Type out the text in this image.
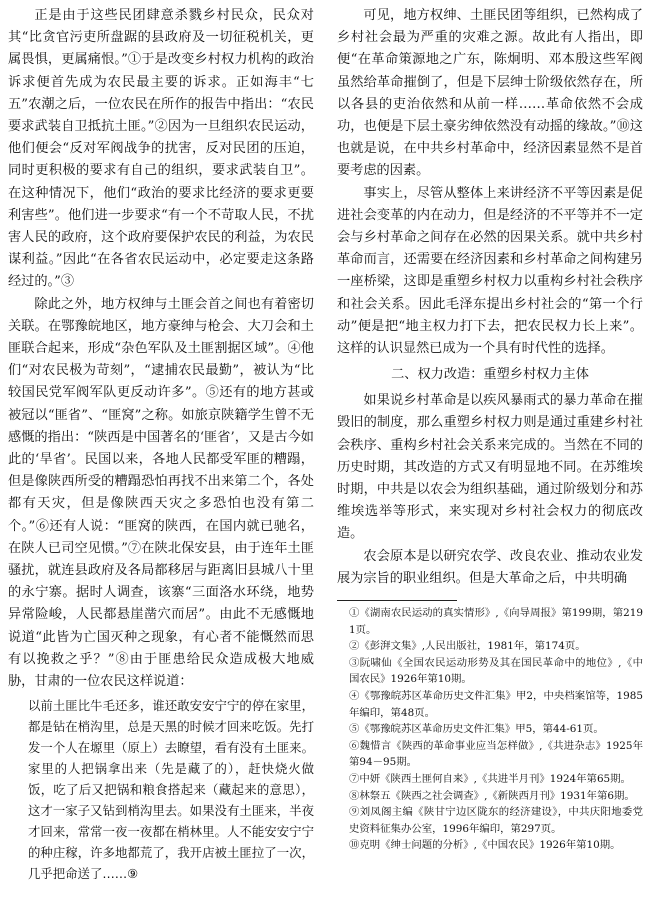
正是由于这些民团肆意杀戮乡村民众，民众对其“比贪官污吏所盘踞的县政府及一切征税机关，更属畏惧，更属痛恨。”①于是改变乡村权力机构的政治诉求便首先成为农民最主要的诉求。正如海丰“七五”农潮之后，一位农民在所作的报告中指出：“农民要求武装自卫抵抗土匪。”②因为一旦组织农民运动，他们便会“反对军阀战争的扰害，反对民团的压迫，同时更积极的要求有自己的组织，要求武装自卫”。在这种情况下，他们“政治的要求比经济的要求更要利害些”。他们进一步要求“有一个不苛取人民，不扰害人民的政府，这个政府要保护农民的利益，为农民谋利益。”因此“在各省农民运动中，必定要走这条路经过的。”③

除此之外，地方权绅与土匪会首之间也有着密切关联。在鄂豫皖地区，地方豪绅与枪会、大刀会和土匪联合起来，形成“杂色军队及土匪割据区域”。④他们“对农民极为苛刻”，“逮捕农民最勤”，被认为“比较国民党军阀军队更反动许多”。⑤还有的地方甚或被冠以“匪省”、“匪窝”之称。如旅京陕籍学生曾不无感慨的指出：“陕西是中国著名的‘匪省’，又是古今如此的‘旱省’。民国以来，各地人民都受军匪的糟蹋，但是像陕西所受的糟蹋恐怕再找不出来第二个，各处都有天灾，但是像陕西天灾之多恐怕也没有第二个。”⑥还有人说：“匪窝的陕西，在国内就已驰名，在陕人已司空见惯。”⑦在陕北保安县，由于连年土匪骚扰，就连县政府及各局都移居与距离旧县城八十里的永宁寨。据时人调查，该寨“三面洛水环绕，地势异常险峻，人民都悬崖凿穴而居”。由此不无感慨地说道“此皆为亡国灭种之现象，有心者不能慨然而思有以挽救之乎？”⑧由于匪患给民众造成极大地威胁，甘肃的一位农民这样说道：

以前土匪比牛毛还多，谁还敢安安宁宁的停在家里，都是钻在梢沟里，总是天黑的时候才回来吃饭。先打发一个人在塬里（原上）去瞭望，看有没有土匪来。家里的人把锅拿出来（先是藏了的），赶快烧火做饭，吃了后又把锅和粮食搭起来（藏起来的意思），这才一家子又钻到梢沟里去。如果没有土匪来，半夜才回来，常常一夜一夜都在梢林里。人不能安安宁宁的种庄稼，许多地都荒了，我开店被土匪拉了一次，几乎把命送了……⑨

可见，地方权绅、土匪民团等组织，已然构成了乡村社会最为严重的灾难之源。故此有人指出，即便“在革命策源地之广东，陈炯明、邓本殷这些军阀虽然给革命摧倒了，但是下层绅士阶级依然存在，所以各县的吏治依然和从前一样……革命依然不会成功，也便是下层土豪劣绅依然没有动摇的缘故。”⑩这也就是说，在中共乡村革命中，经济因素显然不是首要考虑的因素。

事实上，尽管从整体上来讲经济不平等因素是促进社会变革的内在动力，但是经济的不平等并不一定会与乡村革命之间存在必然的因果关系。就中共乡村革命而言，还需要在经济因素和乡村革命之间构建另一座桥梁，这即是重塑乡村权力以重构乡村社会秩序和社会关系。因此毛泽东提出乡村社会的“第一个行动”便是把“地主权力打下去，把农民权力长上来”。这样的认识显然已成为一个具有时代性的选择。

二、权力改造：重塑乡村权力主体

如果说乡村革命是以疾风暴雨式的暴力革命在摧毁旧的制度，那么重塑乡村权力则是通过重建乡村社会秩序、重构乡村社会关系来完成的。当然在不同的历史时期，其改造的方式又有明显地不同。在苏维埃时期，中共是以农会为组织基础，通过阶级划分和苏维埃选举等形式，来实现对乡村社会权力的彻底改造。

农会原本是以研究农学、改良农业、推动农业发展为宗旨的职业组织。但是大革命之后，中共明确

①《湖南农民运动的真实情形》,《向导周报》第199期，第2191页。
②《彭湃文集》,人民出版社，1981年，第174页。
③阮啸仙《全国农民运动形势及其在国民革命中的地位》,《中国农民》1926年第10期。
④《鄂豫皖苏区革命历史文件汇集》甲2，中央档案馆等，1985年编印，第48页。
⑤《鄂豫皖苏区革命历史文件汇集》甲5，第44-61页。
⑥魏惜言《陕西的革命事业应当怎样做》,《共进杂志》1925年第94－95期。
⑦中妍《陕西土匪何自来》,《共进半月刊》1924年第65期。
⑧林祭五《陕西之社会调查》,《新陕西月刊》1931年第6期。
⑨刘凤阁主编《陕甘宁边区陇东的经济建设》，中共庆阳地委党史资料征集办公室，1996年编印，第297页。
⑩克明《绅士问题的分析》,《中国农民》1926年第10期。
